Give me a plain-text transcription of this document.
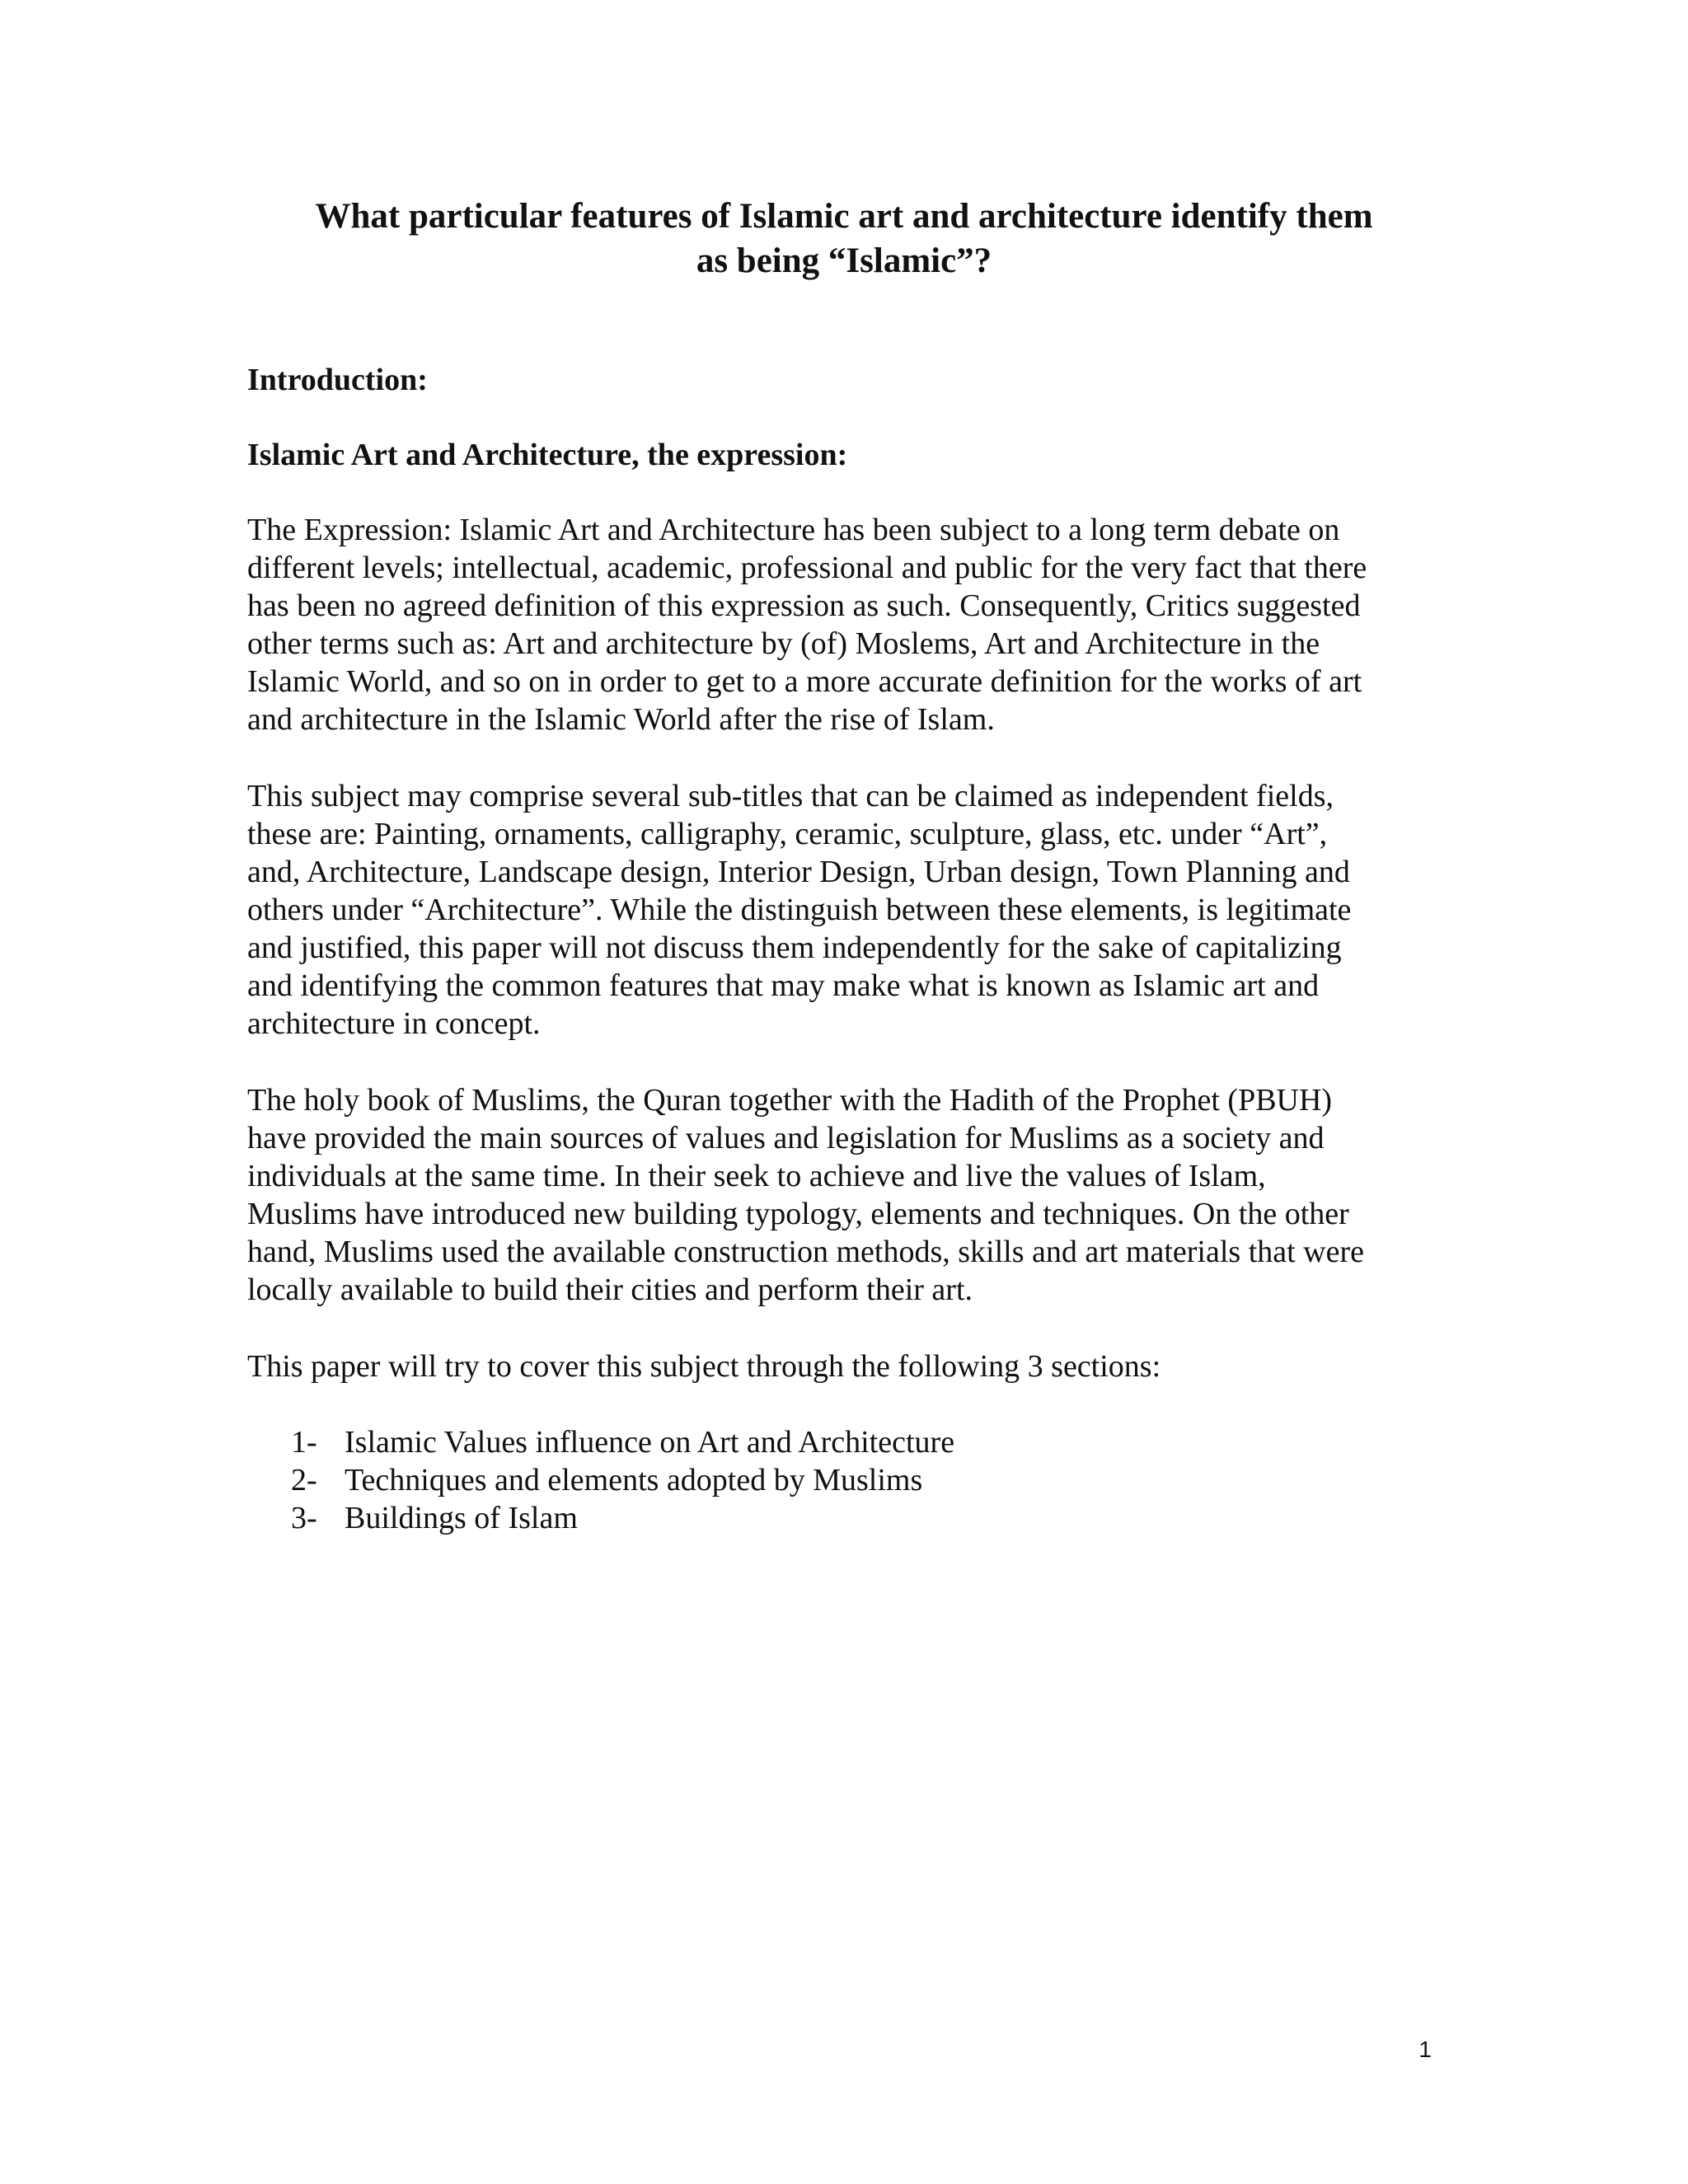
What particular features of Islamic art and architecture identify them
as being “Islamic”?
Introduction:
Islamic Art and Architecture, the expression:

The Expression: Islamic Art and Architecture has been subject to a long term debate on
different levels; intellectual, academic, professional and public for the very fact that there
has been no agreed definition of this expression as such. Consequently, Critics suggested
other terms such as: Art and architecture by (of) Moslems, Art and Architecture in the
Islamic World, and so on in order to get to a more accurate definition for the works of art
and architecture in the Islamic World after the rise of Islam.

This subject may comprise several sub-titles that can be claimed as independent fields,
these are: Painting, ornaments, calligraphy, ceramic, sculpture, glass, etc. under “Art”,
and, Architecture, Landscape design, Interior Design, Urban design, Town Planning and
others under “Architecture”. While the distinguish between these elements, is legitimate
and justified, this paper will not discuss them independently for the sake of capitalizing
and identifying the common features that may make what is known as Islamic art and
architecture in concept.

The holy book of Muslims, the Quran together with the Hadith of the Prophet (PBUH)
have provided the main sources of values and legislation for Muslims as a society and
individuals at the same time. In their seek to achieve and live the values of Islam,
Muslims have introduced new building typology, elements and techniques. On the other
hand, Muslims used the available construction methods, skills and art materials that were
locally available to build their cities and perform their art.

This paper will try to cover this subject through the following 3 sections:

1- Islamic Values influence on Art and Architecture
2- Techniques and elements adopted by Muslims
3- Buildings of Islam
1
